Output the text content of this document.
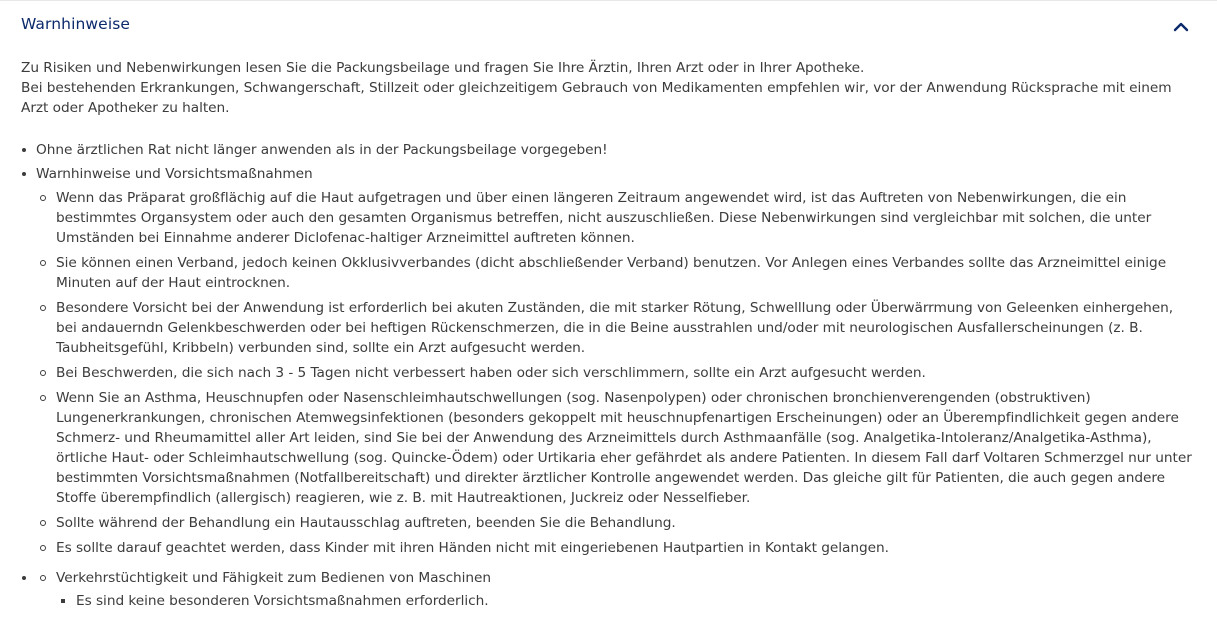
Warnhinweise

Zu Risiken und Nebenwirkungen lesen Sie die Packungsbeilage und fragen Sie Ihre Ärztin, Ihren Arzt oder in Ihrer Apotheke.

Bei bestehenden Erkrankungen, Schwangerschaft, Stillzeit oder gleichzeitigem Gebrauch von Medikamenten empfehlen wir, vor der Anwendung Rücksprache mit einem Arzt oder Apotheker zu halten.

Ohne ärztlichen Rat nicht länger anwenden als in der Packungsbeilage vorgegeben!
Warnhinweise und Vorsichtsmaßnahmen
Wenn das Präparat großflächig auf die Haut aufgetragen und über einen längeren Zeitraum angewendet wird, ist das Auftreten von Nebenwirkungen, die ein bestimmtes Organsystem oder auch den gesamten Organismus betreffen, nicht auszuschließen. Diese Nebenwirkungen sind vergleichbar mit solchen, die unter Umständen bei Einnahme anderer Diclofenac-haltiger Arzneimittel auftreten können.
Sie können einen Verband, jedoch keinen Okklusivverbandes (dicht abschließender Verband) benutzen. Vor Anlegen eines Verbandes sollte das Arzneimittel einige Minuten auf der Haut eintrocknen.
Besondere Vorsicht bei der Anwendung ist erforderlich bei akuten Zuständen, die mit starker Rötung, Schwelllung oder Überwärrmung von Geleenken einhergehen, bei andauerndn Gelenkbeschwerden oder bei heftigen Rückenschmerzen, die in die Beine ausstrahlen und/oder mit neurologischen Ausfallerscheinungen (z. B. Taubheitsgefühl, Kribbeln) verbunden sind, sollte ein Arzt aufgesucht werden.
Bei Beschwerden, die sich nach 3 - 5 Tagen nicht verbessert haben oder sich verschlimmern, sollte ein Arzt aufgesucht werden.
Wenn Sie an Asthma, Heuschnupfen oder Nasenschleimhautschwellungen (sog. Nasenpolypen) oder chronischen bronchienverengenden (obstruktiven) Lungenerkrankungen, chronischen Atemwegsinfektionen (besonders gekoppelt mit heuschnupfenartigen Erscheinungen) oder an Überempfindlichkeit gegen andere Schmerz- und Rheumamittel aller Art leiden, sind Sie bei der Anwendung des Arzneimittels durch Asthmaanfälle (sog. Analgetika-Intoleranz/Analgetika-Asthma), örtliche Haut- oder Schleimhautschwellung (sog. Quincke-Ödem) oder Urtikaria eher gefährdet als andere Patienten. In diesem Fall darf Voltaren Schmerzgel nur unter bestimmten Vorsichtsmaßnahmen (Notfallbereitschaft) und direkter ärztlicher Kontrolle angewendet werden. Das gleiche gilt für Patienten, die auch gegen andere Stoffe überempfindlich (allergisch) reagieren, wie z. B. mit Hautreaktionen, Juckreiz oder Nesselfieber.
Sollte während der Behandlung ein Hautausschlag auftreten, beenden Sie die Behandlung.
Es sollte darauf geachtet werden, dass Kinder mit ihren Händen nicht mit eingeriebenen Hautpartien in Kontakt gelangen.
Verkehrstüchtigkeit und Fähigkeit zum Bedienen von Maschinen
Es sind keine besonderen Vorsichtsmaßnahmen erforderlich.
